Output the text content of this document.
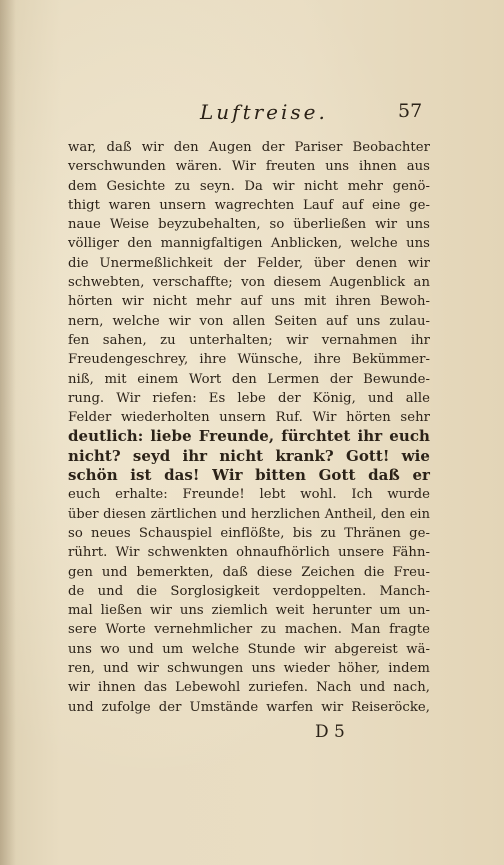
Luftreise.	57
war, daß wir den Augen der Pariser Beobachter
verschwunden wären. Wir freuten uns ihnen aus
dem Gesichte zu seyn. Da wir nicht mehr genö-
thigt waren unsern wagrechten Lauf auf eine ge-
naue Weise beyzubehalten, so überließen wir uns
völliger den mannigfaltigen Anblicken, welche uns
die Unermeßlichkeit der Felder, über denen wir
schwebten, verschaffte; von diesem Augenblick an
hörten wir nicht mehr auf uns mit ihren Bewoh-
nern, welche wir von allen Seiten auf uns zulau-
fen sahen, zu unterhalten; wir vernahmen ihr
Freudengeschrey, ihre Wünsche, ihre Bekümmer-
niß, mit einem Wort den Lermen der Bewunde-
rung. Wir riefen: Es lebe der König, und alle
Felder wiederholten unsern Ruf. Wir hörten sehr
deutlich: liebe Freunde, fürchtet ihr euch
nicht? seyd ihr nicht krank? Gott! wie
schön ist das! Wir bitten Gott daß er
euch erhalte: Freunde! lebt wohl. Ich wurde
über diesen zärtlichen und herzlichen Antheil, den ein
so neues Schauspiel einflößte, bis zu Thränen ge-
rührt. Wir schwenkten ohnaufhörlich unsere Fähn-
gen und bemerkten, daß diese Zeichen die Freu-
de und die Sorglosigkeit verdoppelten. Manch-
mal ließen wir uns ziemlich weit herunter um un-
sere Worte vernehmlicher zu machen. Man fragte
uns wo und um welche Stunde wir abgereist wä-
ren, und wir schwungen uns wieder höher, indem
wir ihnen das Lebewohl zuriefen. Nach und nach,
und zufolge der Umstände warfen wir Reiseröcke,
D 5
